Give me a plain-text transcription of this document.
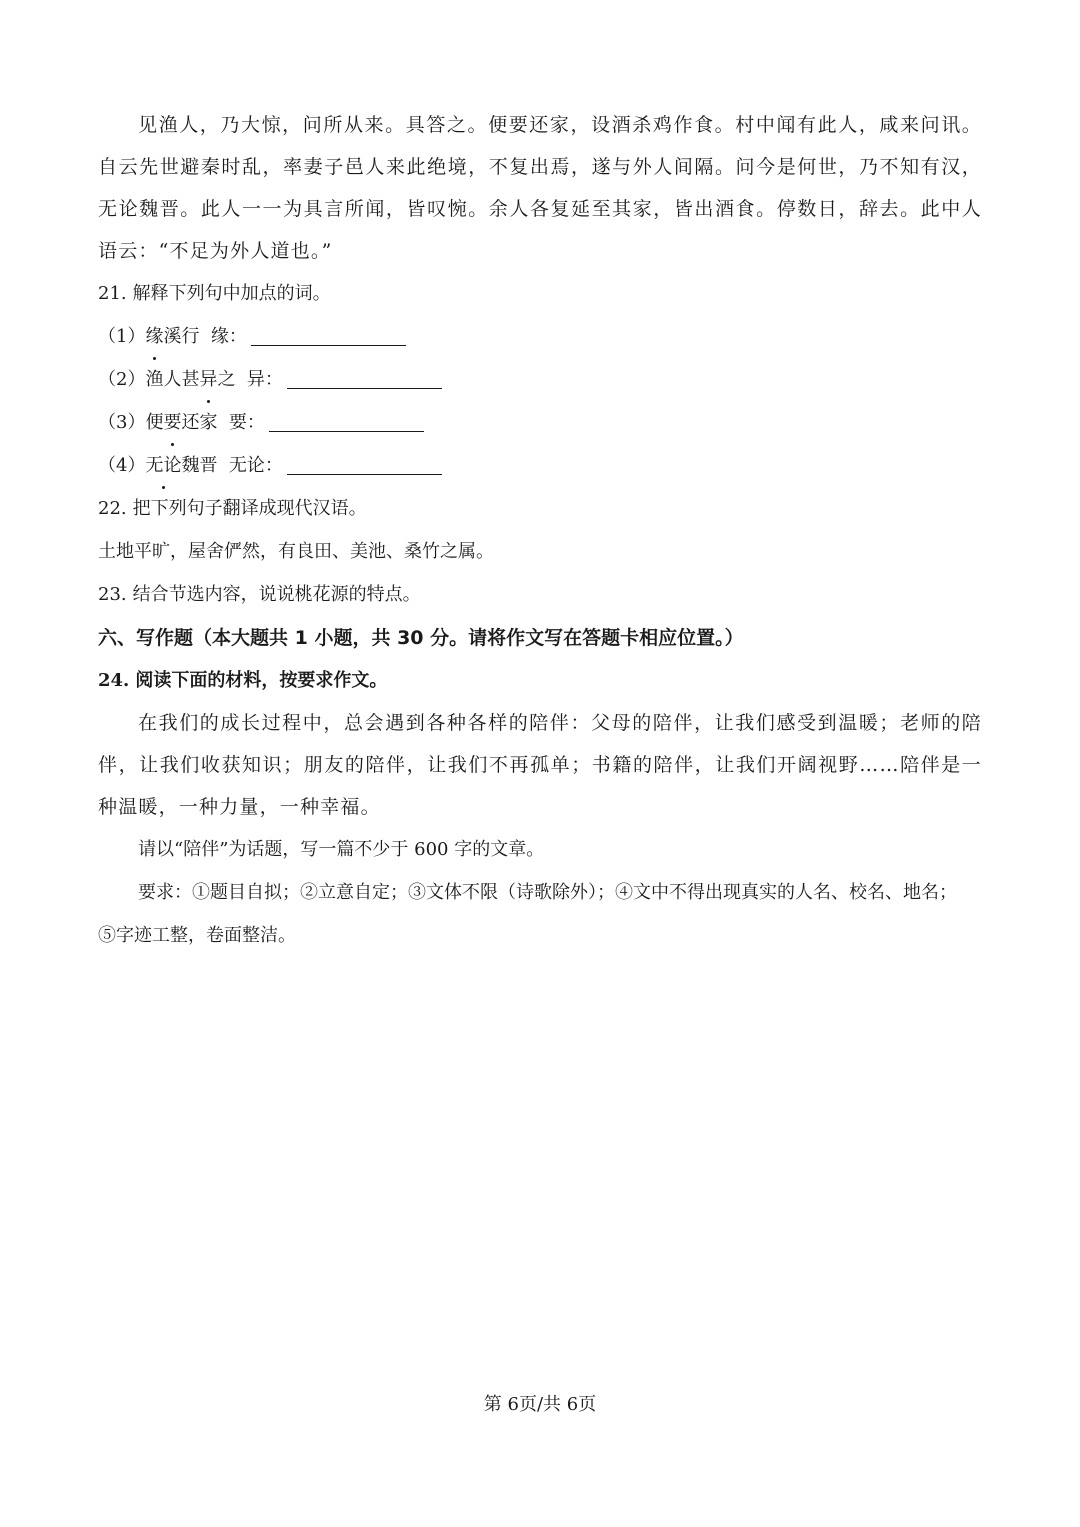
见渔人，乃大惊，问所从来。具答之。便要还家，设酒杀鸡作食。村中闻有此人，咸来问讯。自云先世避秦时乱，率妻子邑人来此绝境，不复出焉，遂与外人间隔。问今是何世，乃不知有汉，无论魏晋。此人一一为具言所闻，皆叹惋。余人各复延至其家，皆出酒食。停数日，辞去。此中人语云：“不足为外人道也。”

21. 解释下列句中加点的词。

（1）缘溪行 缘：

（2）渔人甚异之 异：

（3）便要还家 要：

（4）无论魏晋 无论：

22. 把下列句子翻译成现代汉语。

土地平旷，屋舍俨然，有良田、美池、桑竹之属。

23. 结合节选内容，说说桃花源的特点。

六、写作题（本大题共 1 小题，共 30 分。请将作文写在答题卡相应位置。）

24. 阅读下面的材料，按要求作文。

在我们的成长过程中，总会遇到各种各样的陪伴：父母的陪伴，让我们感受到温暖；老师的陪伴，让我们收获知识；朋友的陪伴，让我们不再孤单；书籍的陪伴，让我们开阔视野……陪伴是一种温暖，一种力量，一种幸福。

请以“陪伴”为话题，写一篇不少于 600 字的文章。

要求：①题目自拟；②立意自定；③文体不限（诗歌除外）；④文中不得出现真实的人名、校名、地名；

⑤字迹工整，卷面整洁。

第 6页/共 6页
